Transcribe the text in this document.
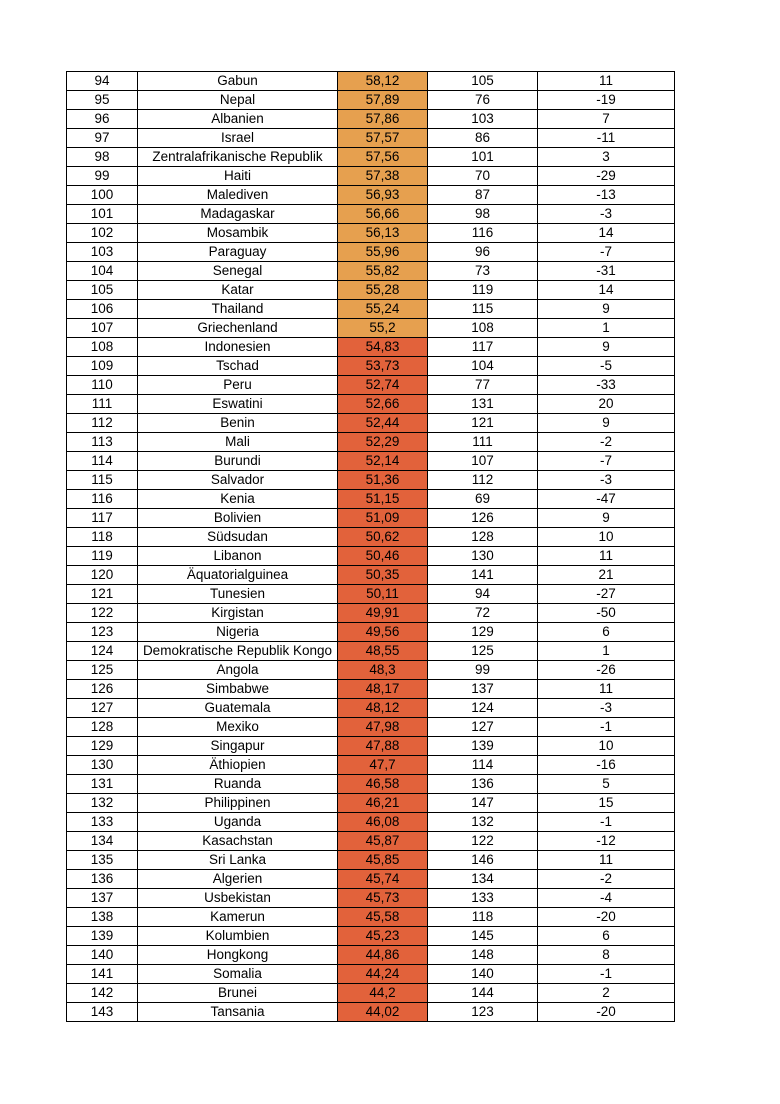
94	Gabun	58,12	105	11
95	Nepal	57,89	76	-19
96	Albanien	57,86	103	7
97	Israel	57,57	86	-11
98	Zentralafrikanische Republik	57,56	101	3
99	Haiti	57,38	70	-29
100	Malediven	56,93	87	-13
101	Madagaskar	56,66	98	-3
102	Mosambik	56,13	116	14
103	Paraguay	55,96	96	-7
104	Senegal	55,82	73	-31
105	Katar	55,28	119	14
106	Thailand	55,24	115	9
107	Griechenland	55,2	108	1
108	Indonesien	54,83	117	9
109	Tschad	53,73	104	-5
110	Peru	52,74	77	-33
111	Eswatini	52,66	131	20
112	Benin	52,44	121	9
113	Mali	52,29	111	-2
114	Burundi	52,14	107	-7
115	Salvador	51,36	112	-3
116	Kenia	51,15	69	-47
117	Bolivien	51,09	126	9
118	Südsudan	50,62	128	10
119	Libanon	50,46	130	11
120	Äquatorialguinea	50,35	141	21
121	Tunesien	50,11	94	-27
122	Kirgistan	49,91	72	-50
123	Nigeria	49,56	129	6
124	Demokratische Republik Kongo	48,55	125	1
125	Angola	48,3	99	-26
126	Simbabwe	48,17	137	11
127	Guatemala	48,12	124	-3
128	Mexiko	47,98	127	-1
129	Singapur	47,88	139	10
130	Äthiopien	47,7	114	-16
131	Ruanda	46,58	136	5
132	Philippinen	46,21	147	15
133	Uganda	46,08	132	-1
134	Kasachstan	45,87	122	-12
135	Sri Lanka	45,85	146	11
136	Algerien	45,74	134	-2
137	Usbekistan	45,73	133	-4
138	Kamerun	45,58	118	-20
139	Kolumbien	45,23	145	6
140	Hongkong	44,86	148	8
141	Somalia	44,24	140	-1
142	Brunei	44,2	144	2
143	Tansania	44,02	123	-20
